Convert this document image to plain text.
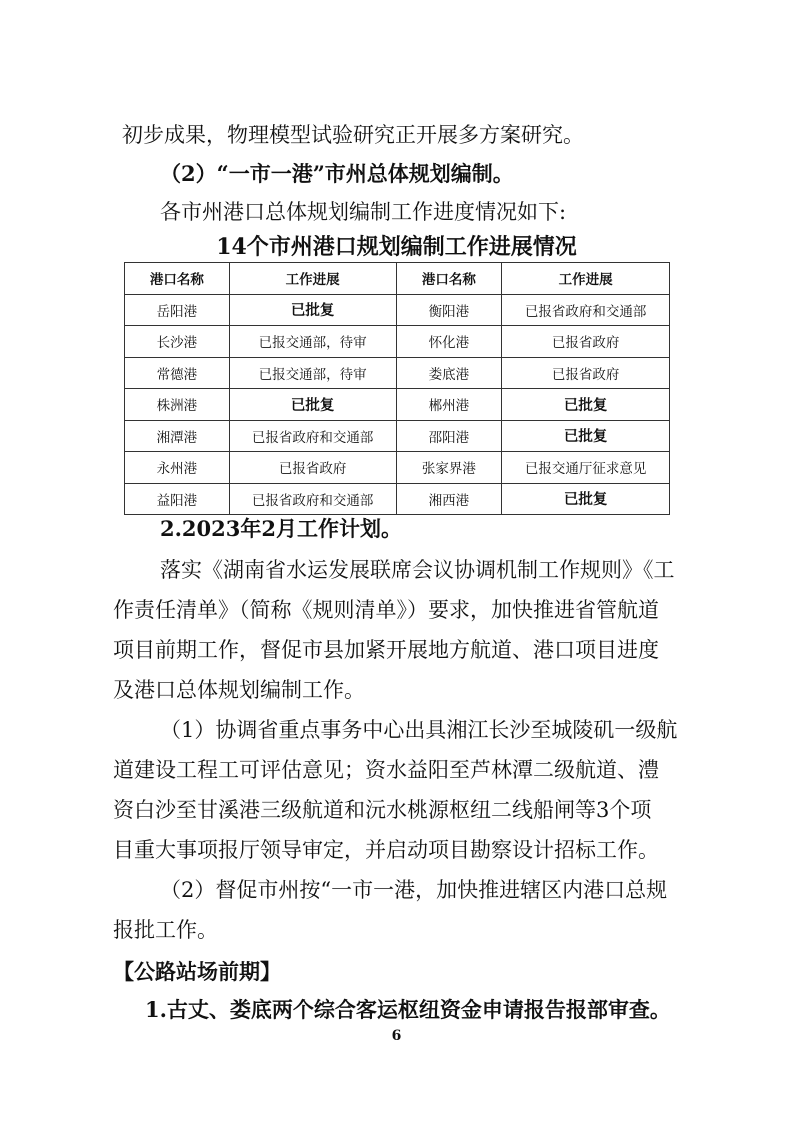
初步成果，物理模型试验研究正开展多方案研究。
（2）“一市一港”市州总体规划编制。
各市州港口总体规划编制工作进度情况如下:
14个市州港口规划编制工作进展情况
港口名称	工作进展	港口名称	工作进展
岳阳港	已批复	衡阳港	已报省政府和交通部
长沙港	已报交通部，待审	怀化港	已报省政府
常德港	已报交通部，待审	娄底港	已报省政府
株洲港	已批复	郴州港	已批复
湘潭港	已报省政府和交通部	邵阳港	已批复
永州港	已报省政府	张家界港	已报交通厅征求意见
益阳港	已报省政府和交通部	湘西港	已批复
2.2023年2月工作计划。
落实《湖南省水运发展联席会议协调机制工作规则》《工
作责任清单》（简称《规则清单》）要求，加快推进省管航道
项目前期工作，督促市县加紧开展地方航道、港口项目进度
及港口总体规划编制工作。
（1）协调省重点事务中心出具湘江长沙至城陵矶一级航
道建设工程工可评估意见；资水益阳至芦林潭二级航道、澧
资白沙至甘溪港三级航道和沅水桃源枢纽二线船闸等3个项
目重大事项报厅领导审定，并启动项目勘察设计招标工作。
（2）督促市州按“一市一港，加快推进辖区内港口总规
报批工作。
【公路站场前期】
1.古丈、娄底两个综合客运枢纽资金申请报告报部审查。
6
